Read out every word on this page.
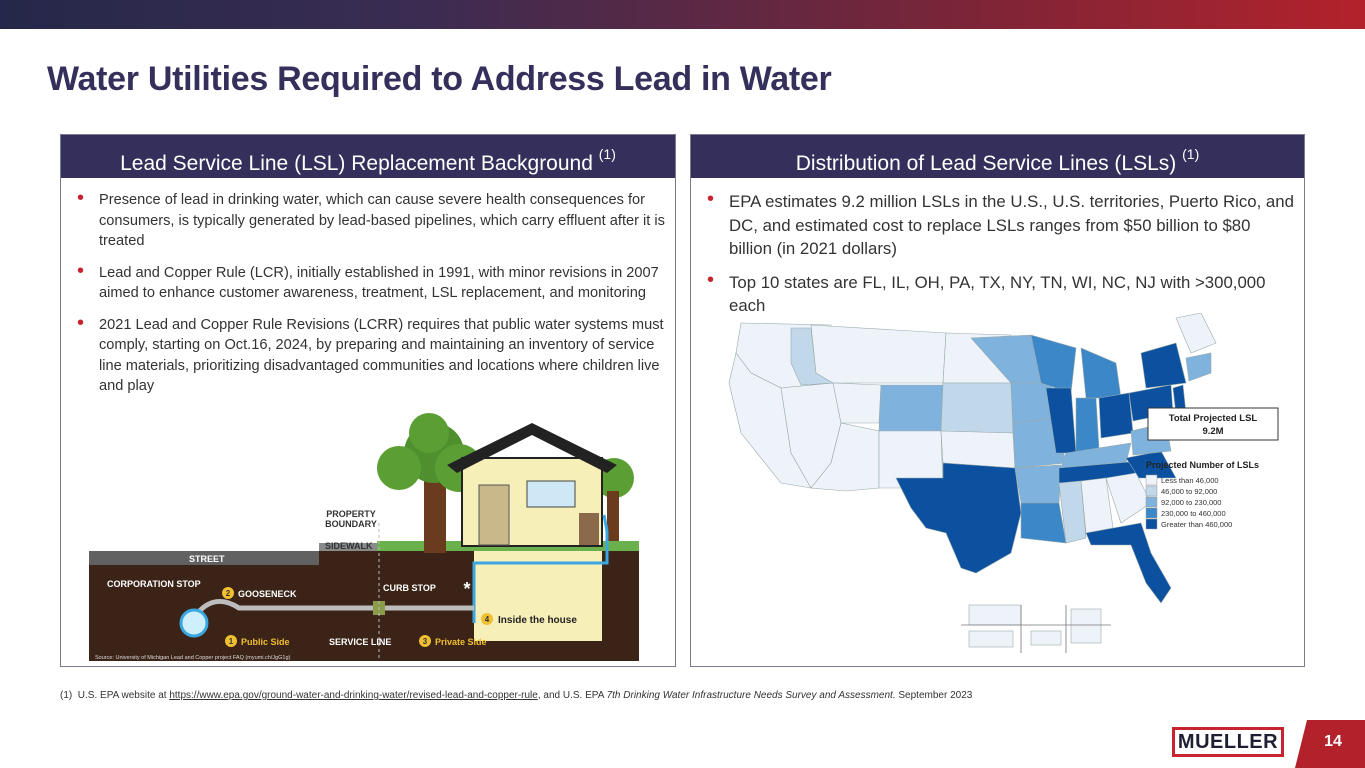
Water Utilities Required to Address Lead in Water
Lead Service Line (LSL) Replacement Background $^{(1)}$
• Presence of lead in drinking water, which can cause severe health consequences for consumers, is typically generated by lead-based pipelines, which carry effluent after it is treated
• Lead and Copper Rule (LCR), initially established in 1991, with minor revisions in 2007 aimed to enhance customer awareness, treatment, LSL replacement, and monitoring
• 2021 Lead and Copper Rule Revisions (LCRR) requires that public water systems must comply, starting on Oct.16, 2024, by preparing and maintaining an inventory of service line materials, prioritizing disadvantaged communities and locations where children live and play
PROPERTY
BOUNDARY
SIDEWALK
STREET
CORPORATION STOP
2 GOOSENECK
CURB STOP *
4 Inside the house
1 Public Side	SERVICE LINE	3 Private Side
Source: University of Michigan Lead and Copper project FAQ (myumi.ch/JgG1g)
Distribution of Lead Service Lines (LSLs) $^{(1)}$
• EPA estimates 9.2 million LSLs in the U.S., U.S. territories, Puerto Rico, and DC, and estimated cost to replace LSLs ranges from $50 billion to $80 billion (in 2021 dollars)
• Top 10 states are FL, IL, OH, PA, TX, NY, TN, WI, NC, NJ with >300,000 each
Total Projected LSL
9.2M
Projected Number of LSLs
Less than 46,000
46,000 to 92,000
92,000 to 230,000
230,000 to 460,000
Greater than 460,000
(1) U.S. EPA website at https://www.epa.gov/ground-water-and-drinking-water/revised-lead-and-copper-rule, and U.S. EPA 7th Drinking Water Infrastructure Needs Survey and Assessment. September 2023
MUELLER	14
